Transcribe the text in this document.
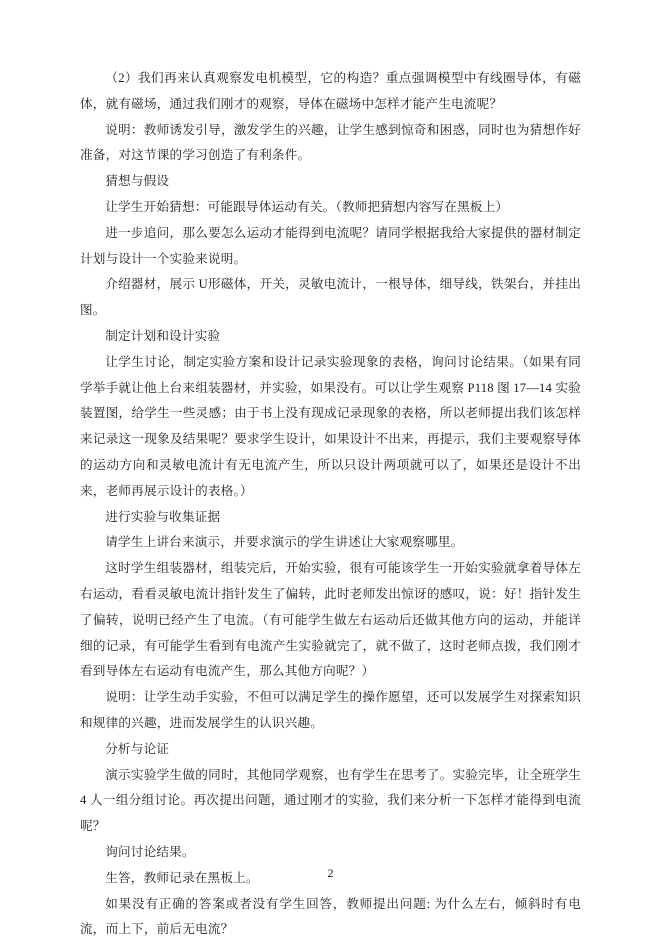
（2）我们再来认真观察发电机模型，它的构造？重点强调模型中有线圈导体，有磁体，就有磁场，通过我们刚才的观察，导体在磁场中怎样才能产生电流呢？

说明：教师诱发引导，激发学生的兴趣，让学生感到惊奇和困惑，同时也为猜想作好准备，对这节课的学习创造了有利条件。

猜想与假设

让学生开始猜想：可能跟导体运动有关。（教师把猜想内容写在黑板上）

进一步追问，那么要怎么运动才能得到电流呢？请同学根据我给大家提供的器材制定计划与设计一个实验来说明。

介绍器材，展示 U形磁体，开关，灵敏电流计，一根导体，细导线，铁架台，并挂出图。

制定计划和设计实验

让学生讨论，制定实验方案和设计记录实验现象的表格，询问讨论结果。（如果有同学举手就让他上台来组装器材，并实验，如果没有。可以让学生观察 P118 图 17—14 实验装置图，给学生一些灵感；由于书上没有现成记录现象的表格，所以老师提出我们该怎样来记录这一现象及结果呢？要求学生设计，如果设计不出来，再提示，我们主要观察导体的运动方向和灵敏电流计有无电流产生，所以只设计两项就可以了，如果还是设计不出来，老师再展示设计的表格。）

进行实验与收集证据

请学生上讲台来演示，并要求演示的学生讲述让大家观察哪里。

这时学生组装器材，组装完后，开始实验，很有可能该学生一开始实验就拿着导体左右运动，看看灵敏电流计指针发生了偏转，此时老师发出惊讶的感叹，说：好！指针发生了偏转，说明已经产生了电流。（有可能学生做左右运动后还做其他方向的运动，并能详细的记录，有可能学生看到有电流产生实验就完了，就不做了，这时老师点拨，我们刚才看到导体左右运动有电流产生，那么其他方向呢？）

说明：让学生动手实验，不但可以满足学生的操作愿望，还可以发展学生对探索知识和规律的兴趣，进而发展学生的认识兴趣。

分析与论证

演示实验学生做的同时，其他同学观察，也有学生在思考了。实验完毕，让全班学生 4 人一组分组讨论。再次提出问题，通过刚才的实验，我们来分析一下怎样才能得到电流呢？

询问讨论结果。

生答，教师记录在黑板上。

如果没有正确的答案或者没有学生回答，教师提出问题: 为什么左右，倾斜时有电流，而上下，前后无电流？

2
